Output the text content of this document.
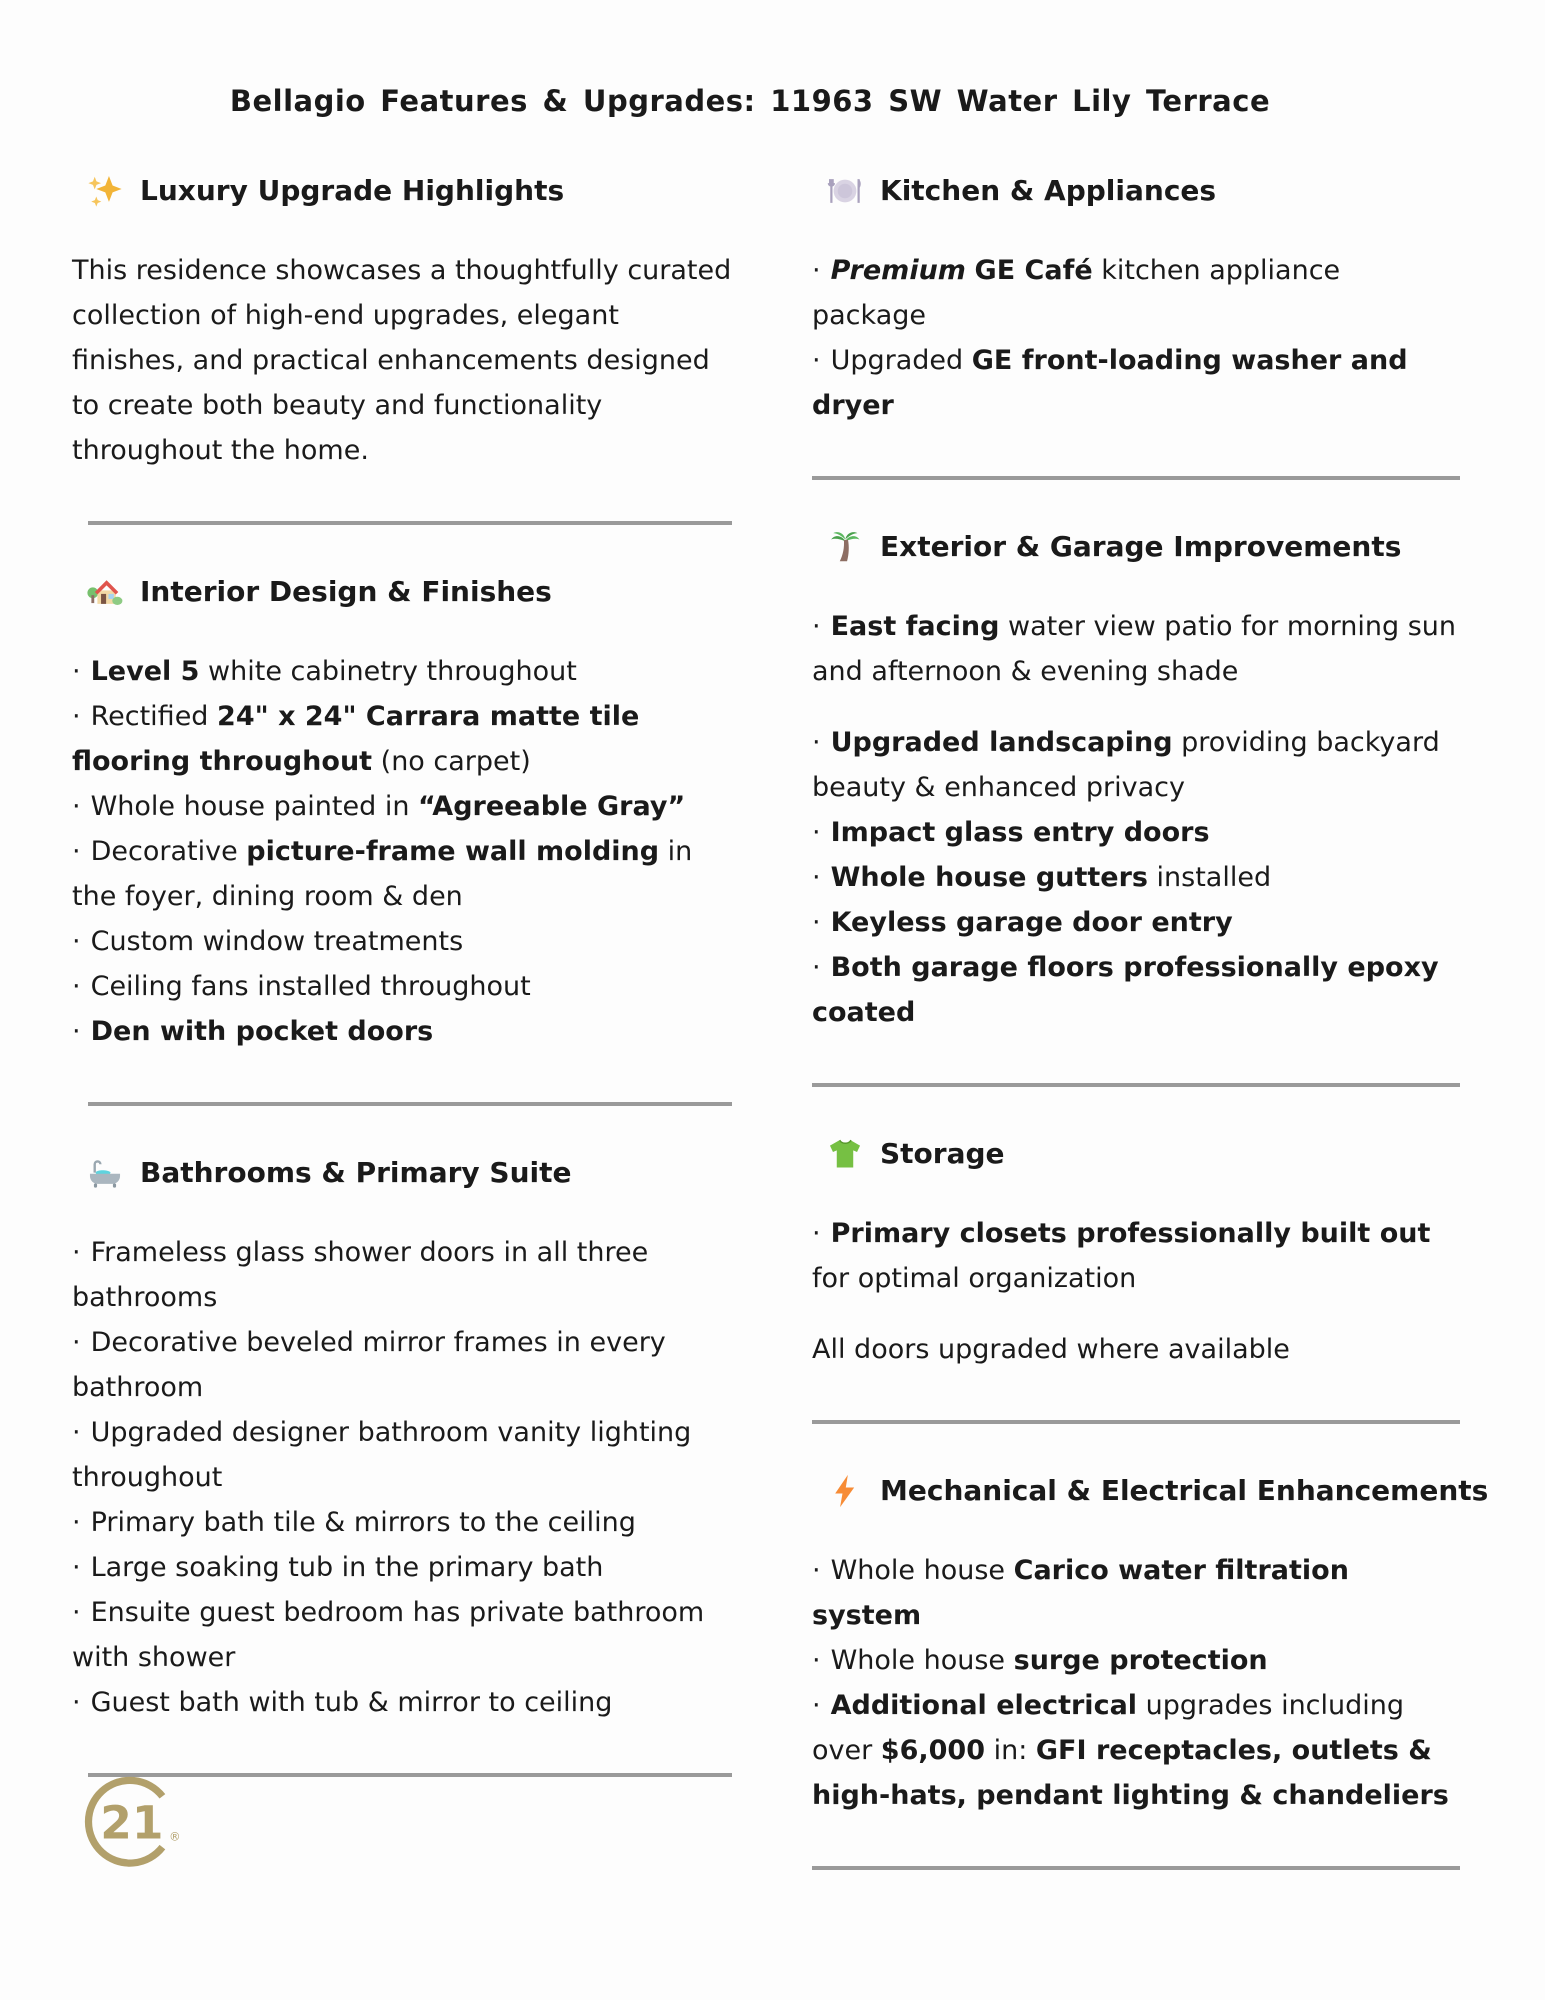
Bellagio Features & Upgrades: 11963 SW Water Lily Terrace
Luxury Upgrade Highlights
This residence showcases a thoughtfully curated collection of high-end upgrades, elegant finishes, and practical enhancements designed to create both beauty and functionality throughout the home.
Interior Design & Finishes
· Level 5 white cabinetry throughout
· Rectified 24" x 24" Carrara matte tile flooring throughout (no carpet)
· Whole house painted in “Agreeable Gray”
· Decorative picture-frame wall molding in the foyer, dining room & den
· Custom window treatments
· Ceiling fans installed throughout
· Den with pocket doors
Bathrooms & Primary Suite
· Frameless glass shower doors in all three bathrooms
· Decorative beveled mirror frames in every bathroom
· Upgraded designer bathroom vanity lighting throughout
· Primary bath tile & mirrors to the ceiling
· Large soaking tub in the primary bath
· Ensuite guest bedroom has private bathroom with shower
· Guest bath with tub & mirror to ceiling
Kitchen & Appliances
· Premium GE Café kitchen appliance package
· Upgraded GE front-loading washer and dryer
Exterior & Garage Improvements
· East facing water view patio for morning sun and afternoon & evening shade
· Upgraded landscaping providing backyard beauty & enhanced privacy
· Impact glass entry doors
· Whole house gutters installed
· Keyless garage door entry
· Both garage floors professionally epoxy coated
Storage
· Primary closets professionally built out for optimal organization
All doors upgraded where available
Mechanical & Electrical Enhancements
· Whole house Carico water filtration system
· Whole house surge protection
· Additional electrical upgrades including over $6,000 in: GFI receptacles, outlets & high-hats, pendant lighting & chandeliers
21 ®
